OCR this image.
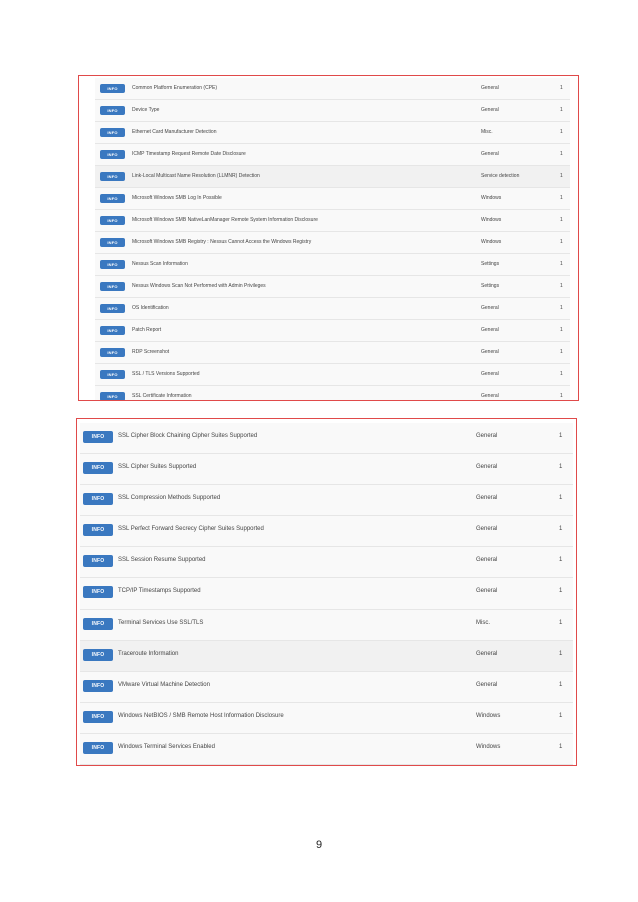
INFO	Common Platform Enumeration (CPE)	General	1
INFO	Device Type	General	1
INFO	Ethernet Card Manufacturer Detection	Misc.	1
INFO	ICMP Timestamp Request Remote Date Disclosure	General	1
INFO	Link-Local Multicast Name Resolution (LLMNR) Detection	Service detection	1
INFO	Microsoft Windows SMB Log In Possible	Windows	1
INFO	Microsoft Windows SMB NativeLanManager Remote System Information Disclosure	Windows	1
INFO	Microsoft Windows SMB Registry : Nessus Cannot Access the Windows Registry	Windows	1
INFO	Nessus Scan Information	Settings	1
INFO	Nessus Windows Scan Not Performed with Admin Privileges	Settings	1
INFO	OS Identification	General	1
INFO	Patch Report	General	1
INFO	RDP Screenshot	General	1
INFO	SSL / TLS Versions Supported	General	1
INFO	SSL Certificate Information	General	1
INFO	SSL Cipher Block Chaining Cipher Suites Supported	General	1
INFO	SSL Cipher Suites Supported	General	1
INFO	SSL Compression Methods Supported	General	1
INFO	SSL Perfect Forward Secrecy Cipher Suites Supported	General	1
INFO	SSL Session Resume Supported	General	1
INFO	TCP/IP Timestamps Supported	General	1
INFO	Terminal Services Use SSL/TLS	Misc.	1
INFO	Traceroute Information	General	1
INFO	VMware Virtual Machine Detection	General	1
INFO	Windows NetBIOS / SMB Remote Host Information Disclosure	Windows	1
INFO	Windows Terminal Services Enabled	Windows	1
9
